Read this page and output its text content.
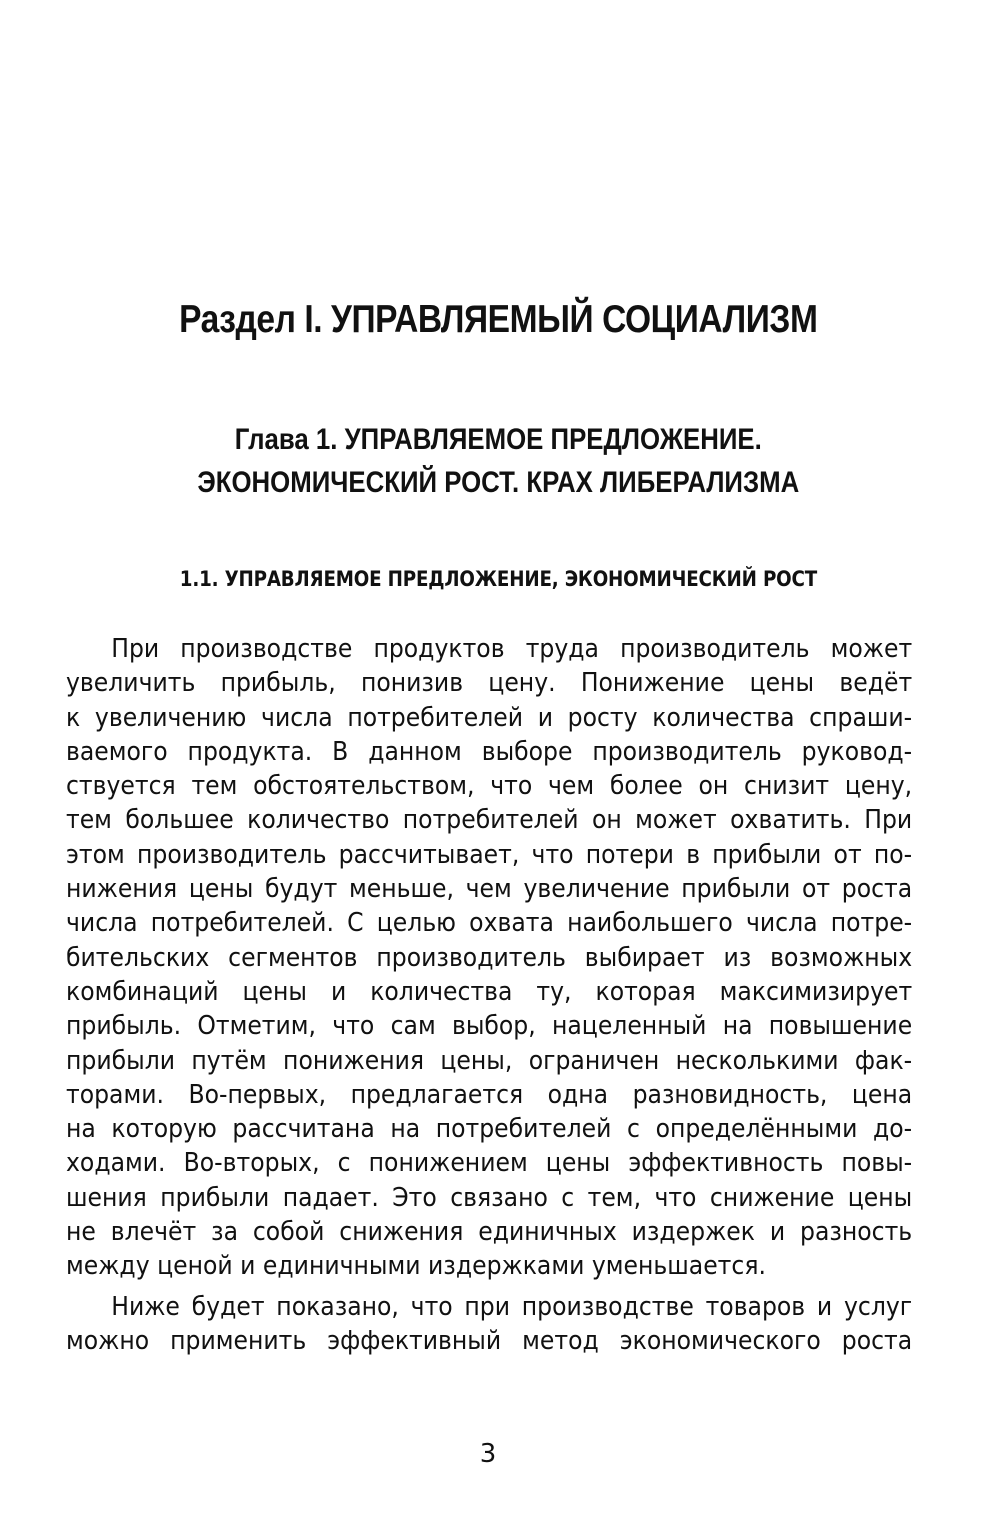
Раздел I. УПРАВЛЯЕМЫЙ СОЦИАЛИЗМ
Глава 1. УПРАВЛЯЕМОЕ ПРЕДЛОЖЕНИЕ.
ЭКОНОМИЧЕСКИЙ РОСТ. КРАХ ЛИБЕРАЛИЗМА
1.1. УПРАВЛЯЕМОЕ ПРЕДЛОЖЕНИЕ, ЭКОНОМИЧЕСКИЙ РОСТ
При производстве продуктов труда производитель может
увеличить прибыль, понизив цену. Понижение цены ведёт
к увеличению числа потребителей и росту количества спраши-
ваемого продукта. В данном выборе производитель руковод-
ствуется тем обстоятельством, что чем более он снизит цену,
тем большее количество потребителей он может охватить. При
этом производитель рассчитывает, что потери в прибыли от по-
нижения цены будут меньше, чем увеличение прибыли от роста
числа потребителей. С целью охвата наибольшего числа потре-
бительских сегментов производитель выбирает из возможных
комбинаций цены и количества ту, которая максимизирует
прибыль. Отметим, что сам выбор, нацеленный на повышение
прибыли путём понижения цены, ограничен несколькими фак-
торами. Во-первых, предлагается одна разновидность, цена
на которую рассчитана на потребителей с определёнными до-
ходами. Во-вторых, с понижением цены эффективность повы-
шения прибыли падает. Это связано с тем, что снижение цены
не влечёт за собой снижения единичных издержек и разность
между ценой и единичными издержками уменьшается.
Ниже будет показано, что при производстве товаров и услуг
можно применить эффективный метод экономического роста
3
